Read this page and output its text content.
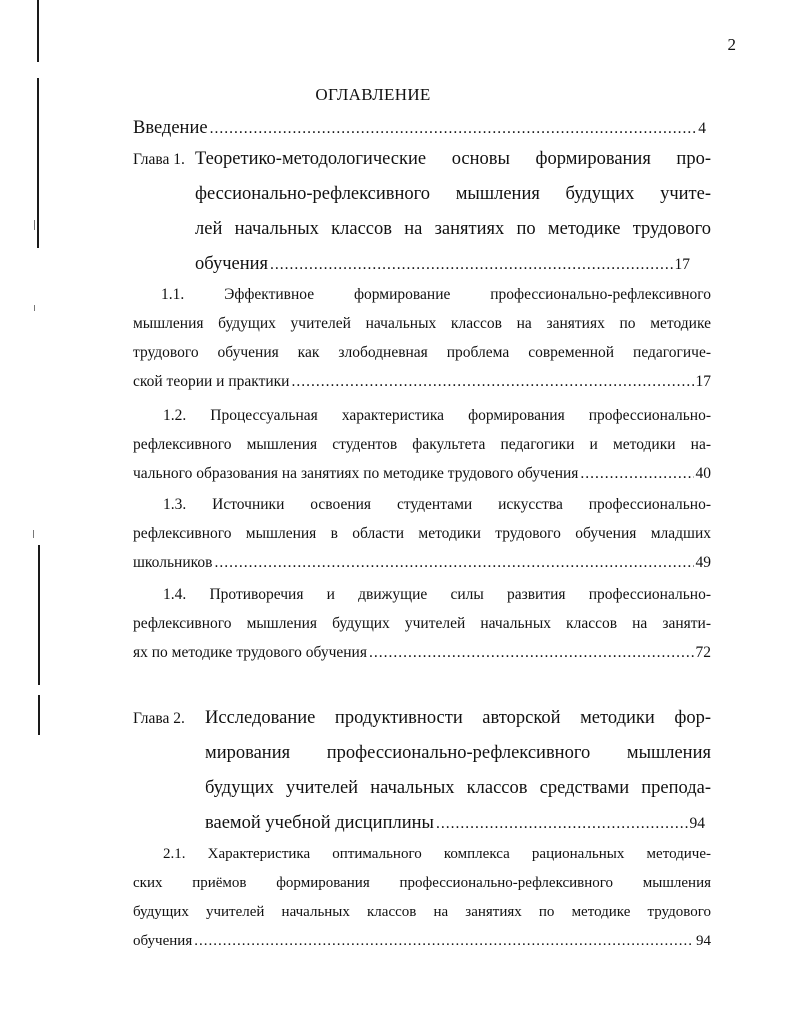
2
ОГЛАВЛЕНИЕ
Введение .....	4
Глава 1. Теоретико-методологические основы формирования про-
фессионально-рефлексивного мышления будущих учите-
лей начальных классов на занятиях по методике трудового
обучения .....	17
1.1. Эффективное формирование профессионально-рефлексивного
мышления будущих учителей начальных классов на занятиях по методике
трудового обучения как злободневная проблема современной педагогиче-
ской теории и практики .....	17
1.2. Процессуальная характеристика формирования профессионально-
рефлексивного мышления студентов факультета педагогики и методики на-
чального образования на занятиях по методике трудового обучения .....	40
1.3. Источники освоения студентами искусства профессионально-
рефлексивного мышления в области методики трудового обучения младших
школьников .....	49
1.4. Противоречия и движущие силы развития профессионально-
рефлексивного мышления будущих учителей начальных классов на заняти-
ях по методике трудового обучения .....	72
Глава 2. Исследование продуктивности авторской методики фор-
мирования профессионально-рефлексивного мышления
будущих учителей начальных классов средствами препода-
ваемой учебной дисциплины .....	94
2.1. Характеристика оптимального комплекса рациональных методиче-
ских приёмов формирования профессионально-рефлексивного мышления
будущих учителей начальных классов на занятиях по методике трудового
обучения .....	94
